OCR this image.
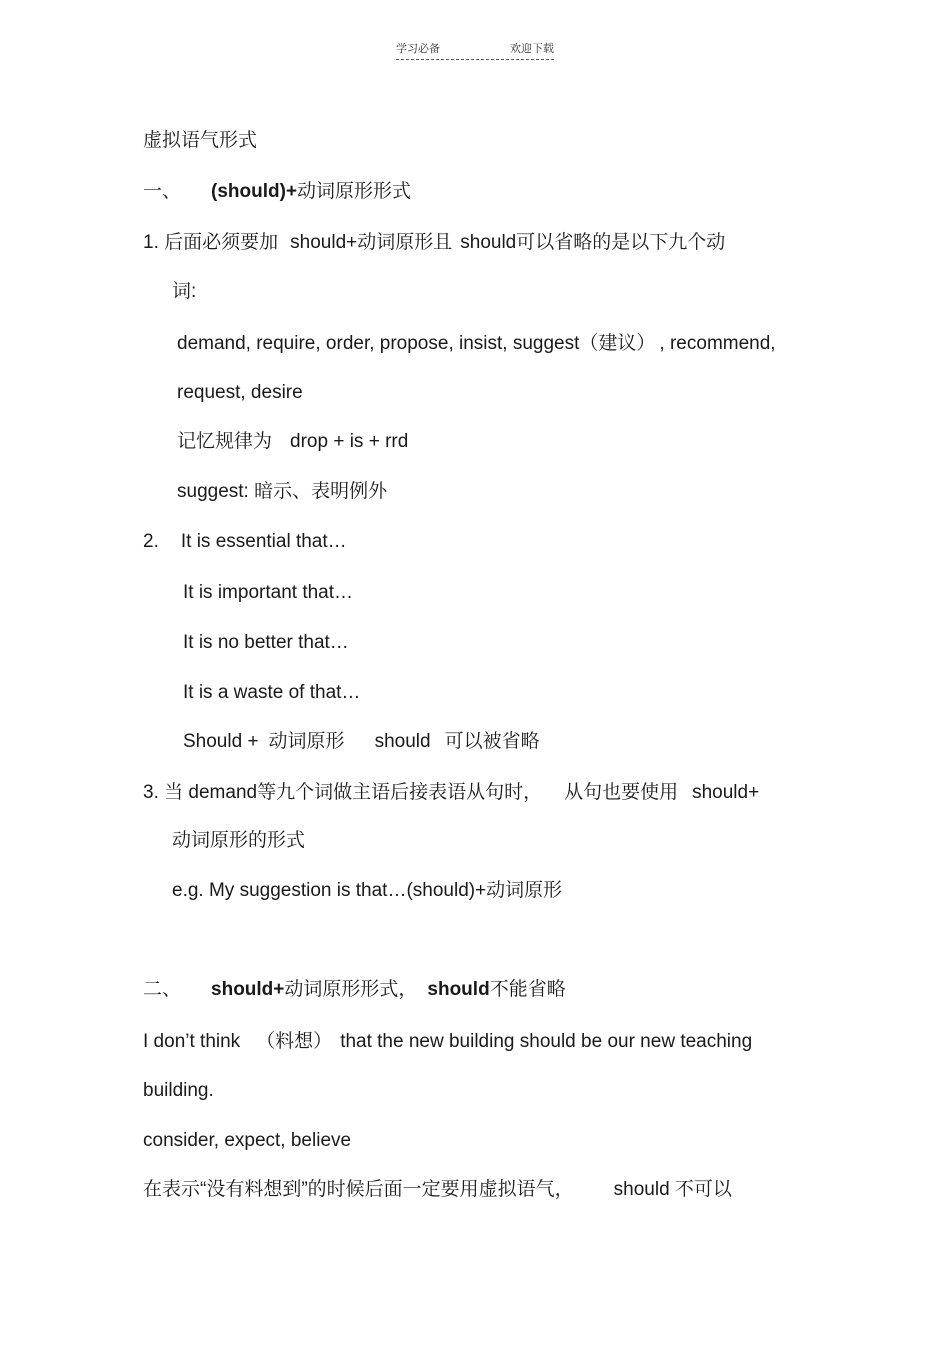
学习必备	欢迎下载
虚拟语气形式
一、 (should)+动词原形形式
1. 后面必须要加 should+动词原形且 should可以省略的是以下九个动
词:
demand, require, order, propose, insist, suggest（建议） , recommend,
request, desire
记忆规律为 drop + is + rrd
suggest: 暗示、表明例外
2. It is essential that…
It is important that…
It is no better that…
It is a waste of that…
Should + 动词原形 should 可以被省略
3. 当 demand等九个词做主语后接表语从句时， 从句也要使用 should+
动词原形的形式
e.g. My suggestion is that…(should)+动词原形
二、 should+动词原形形式， should不能省略
I don’t think （料想） that the new building should be our new teaching
building.
consider, expect, believe
在表示“没有料想到”的时候后面一定要用虚拟语气， should 不可以
